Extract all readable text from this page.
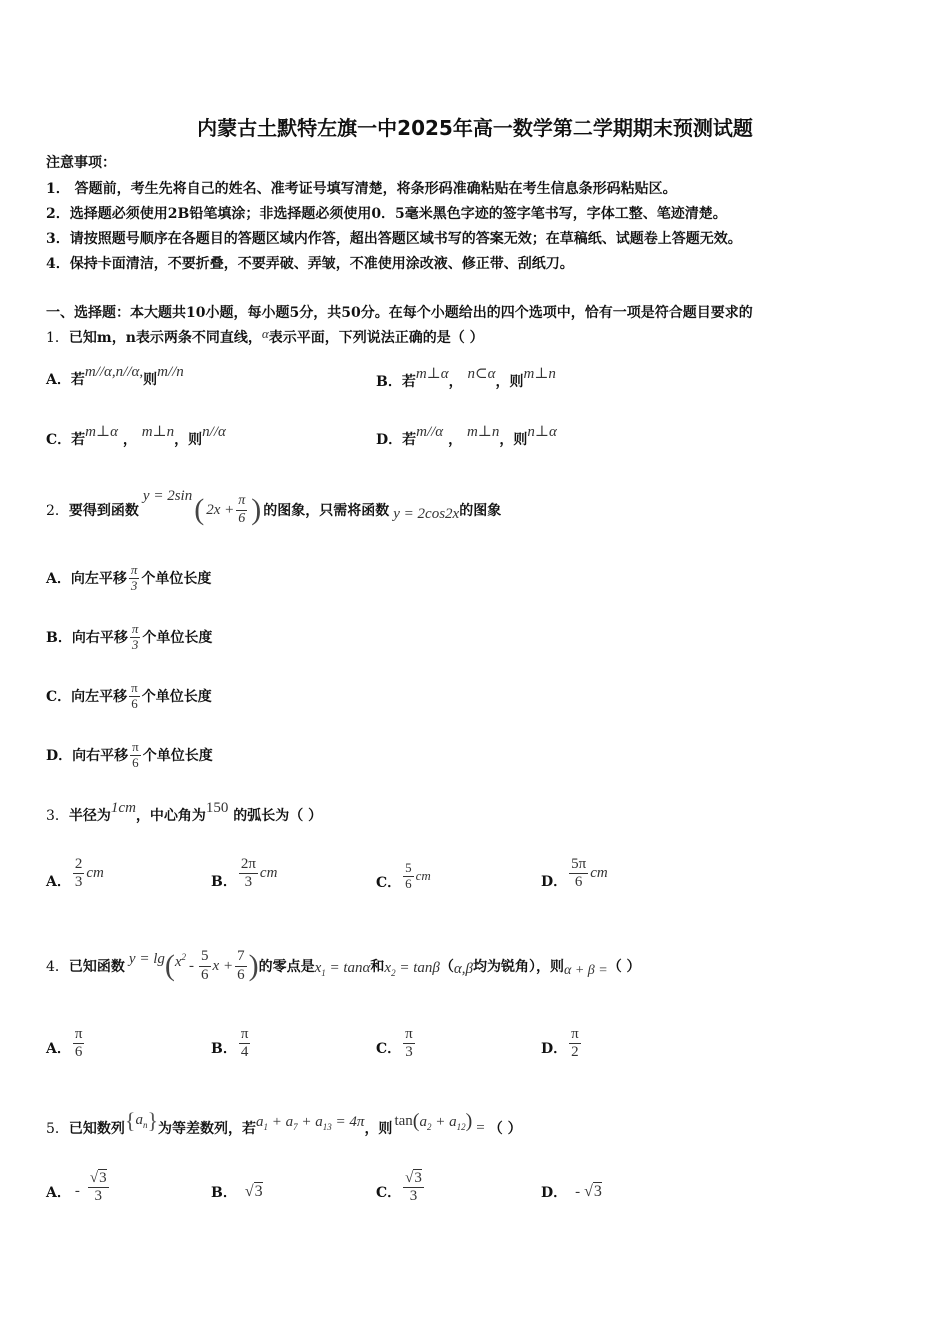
内蒙古土默特左旗一中2025年高一数学第二学期期末预测试题
注意事项：
1． 答题前，考生先将自己的姓名、准考证号填写清楚，将条形码准确粘贴在考生信息条形码粘贴区。
2．选择题必须使用2B铅笔填涂；非选择题必须使用0．5毫米黑色字迹的签字笔书写，字体工整、笔迹清楚。
3．请按照题号顺序在各题目的答题区域内作答，超出答题区域书写的答案无效；在草稿纸、试题卷上答题无效。
4．保持卡面清洁，不要折叠，不要弄破、弄皱，不准使用涂改液、修正带、刮纸刀。
一、选择题：本大题共10小题，每小题5分，共50分。在每个小题给出的四个选项中，恰有一项是符合题目要求的
1．已知m，n表示两条不同直线，α表示平面，下列说法正确的是（ ）
A．若m//α,n//α,则m//n
B．若m⊥α， n⊂α，则m⊥n
C．若m⊥α ， m⊥n，则n//α	D．若m//α ， m⊥n，则n⊥α
2． 要得到函数
y = 2sin ( $2x + \frac{\pi}{6}$ ) 的图象，只需将函数 y = 2cos2x 的图象
A．向左平移 $\frac{\pi}{3}$ 个单位长度
B．向右平移 $\frac{\pi}{3}$ 个单位长度
C．向左平移 $\frac{\pi}{6}$ 个单位长度
D．向右平移 $\frac{\pi}{6}$ 个单位长度
3．半径为1cm，中心角为150 的弧长为（ ）
A． $\frac{2}{3}$ cm
B． $\frac{2\pi}{3}$ cm
C． $\frac{5}{6}$ cm	D． $\frac{5\pi}{6}$ cm
4． 已知函数
y = lg ( $x^2$
- $\frac{5}{6}$ $x + \frac{7}{6}$ ) 的零点是 $x_1 = \tan\alpha$ 和 $x_2 = \tan\beta$ （ α,β 均为锐角），则 α + β = （ ）
A． $\frac{\pi}{6}$	B． $\frac{\pi}{4}$	C． $\frac{\pi}{3}$	D． $\frac{\pi}{2}$
5． 已知数列 { $a_n$ } 为等差数列，若 $a_1 + a_7 + a_{13} = 4\pi$ ，则
tan ( $a_2 + a_{12}$ ) = （ ）
A． - $\frac{√3}{3}$	B． √3	C． $\frac{√3}{3}$	D． - √3
